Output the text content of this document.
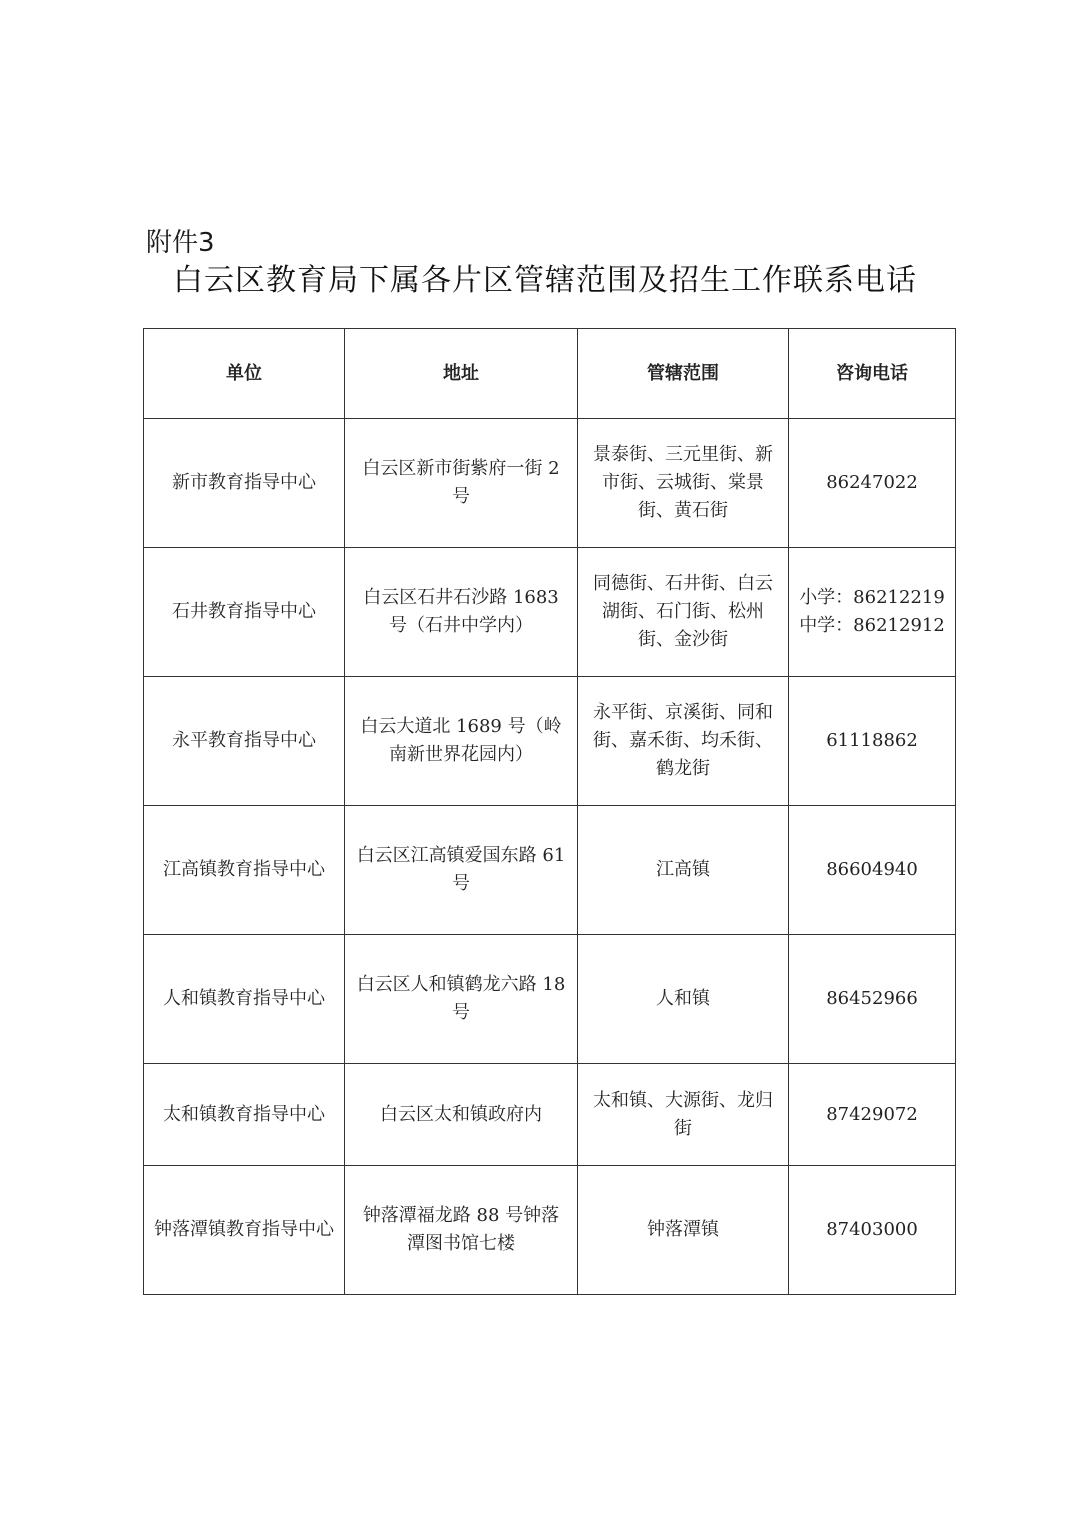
附件3
白云区教育局下属各片区管辖范围及招生工作联系电话
单位	地址	管辖范围	咨询电话
新市教育指导中心	白云区新市街紫府一街 2 号	景泰街、三元里街、新市街、云城街、棠景街、黄石街	86247022
石井教育指导中心	白云区石井石沙路 1683 号（石井中学内）	同德街、石井街、白云湖街、石门街、松州街、金沙街	小学：86212219
中学：86212912

永平教育指导中心	白云大道北 1689 号（岭南新世界花园内）	永平街、京溪街、同和街、嘉禾街、均禾街、鹤龙街	61118862
江高镇教育指导中心	白云区江高镇爱国东路 61 号	江高镇	86604940
人和镇教育指导中心	白云区人和镇鹤龙六路 18 号	人和镇	86452966
太和镇教育指导中心	白云区太和镇政府内	太和镇、大源街、龙归街	87429072
钟落潭镇教育指导中心	钟落潭福龙路 88 号钟落潭图书馆七楼	钟落潭镇	87403000
